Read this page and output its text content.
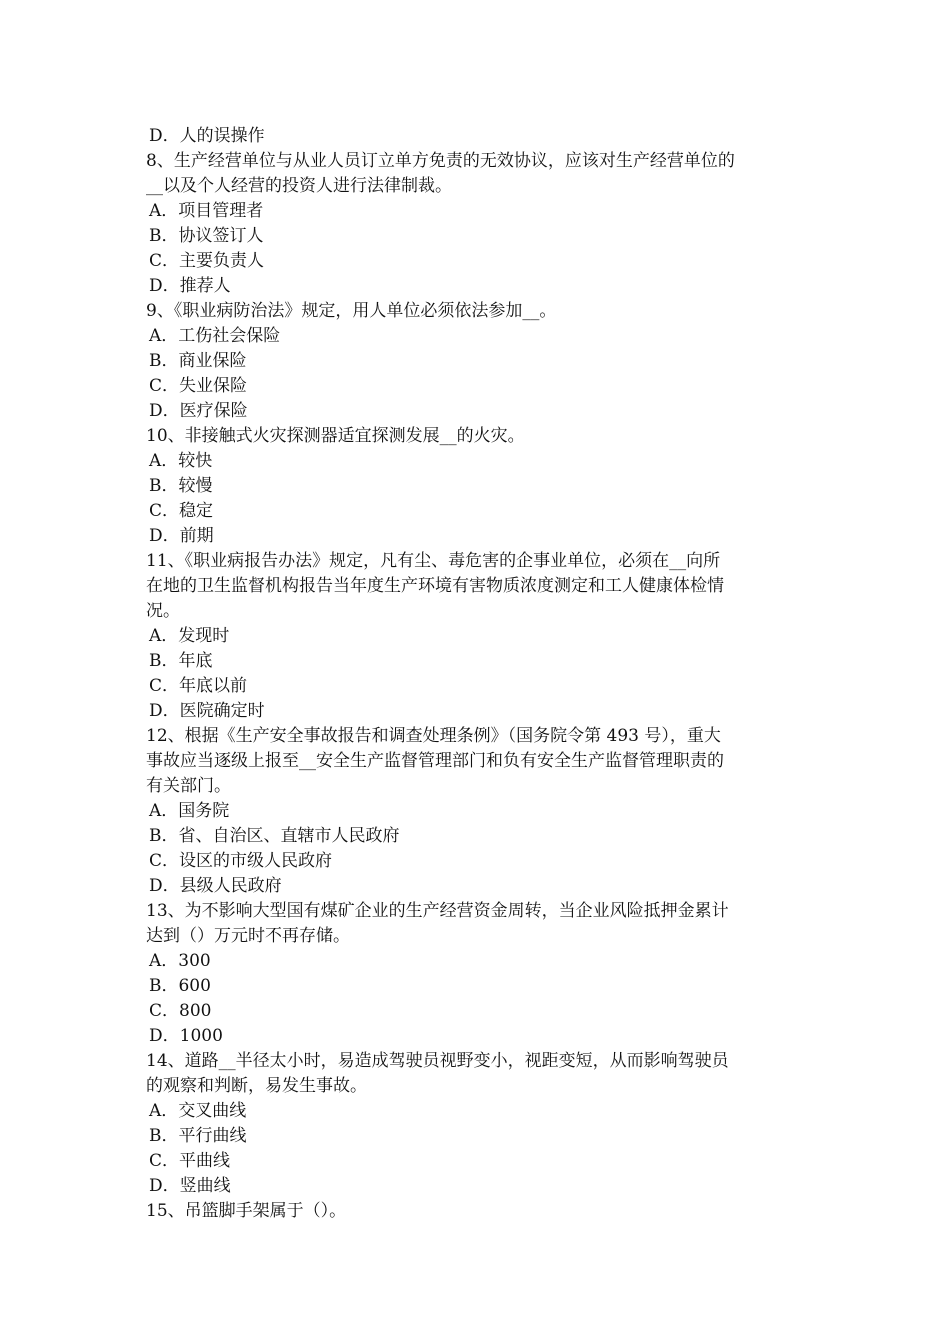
D．人的误操作

8、生产经营单位与从业人员订立单方免责的无效协议，应该对生产经营单位的

__以及个人经营的投资人进行法律制裁。

A．项目管理者

B．协议签订人

C．主要负责人

D．推荐人

9、《职业病防治法》规定，用人单位必须依法参加__。

A．工伤社会保险

B．商业保险

C．失业保险

D．医疗保险

10、非接触式火灾探测器适宜探测发展__的火灾。

A．较快

B．较慢

C．稳定

D．前期

11、《职业病报告办法》规定，凡有尘、毒危害的企事业单位，必须在__向所

在地的卫生监督机构报告当年度生产环境有害物质浓度测定和工人健康体检情

况。

A．发现时

B．年底

C．年底以前

D．医院确定时

12、根据《生产安全事故报告和调查处理条例》（国务院令第 493 号），重大

事故应当逐级上报至__安全生产监督管理部门和负有安全生产监督管理职责的

有关部门。

A．国务院

B．省、自治区、直辖市人民政府

C．设区的市级人民政府

D．县级人民政府

13、为不影响大型国有煤矿企业的生产经营资金周转，当企业风险抵押金累计

达到（）万元时不再存储。

A．300

B．600

C．800

D．1000

14、道路__半径太小时，易造成驾驶员视野变小，视距变短，从而影响驾驶员

的观察和判断，易发生事故。

A．交叉曲线

B．平行曲线

C．平曲线

D．竖曲线

15、吊篮脚手架属于（）。
